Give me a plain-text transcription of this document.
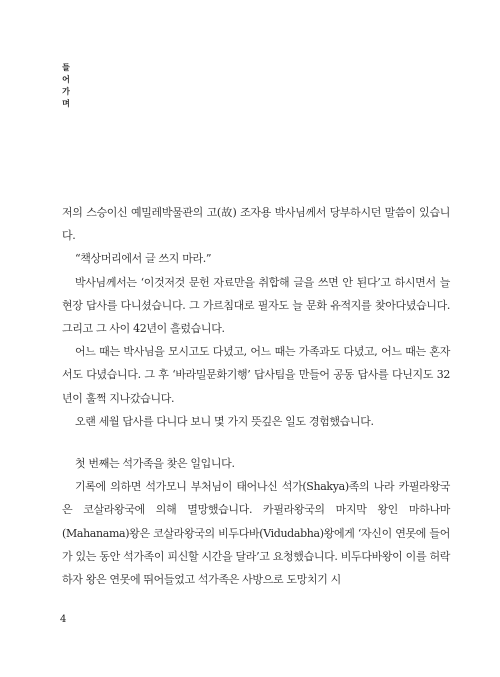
들
어
가
며

저의 스승이신 예밀레박물관의 고(故) 조자용 박사님께서 당부하시던 말씀이 있습니다.

“책상머리에서 글 쓰지 마라.”

박사님께서는 ‘이것저것 문헌 자료만을 취합해 글을 쓰면 안 된다’고 하시면서 늘 현장 답사를 다니셨습니다. 그 가르침대로 필자도 늘 문화 유적지를 찾아다녔습니다. 그리고 그 사이 42년이 흘렀습니다.

어느 때는 박사님을 모시고도 다녔고, 어느 때는 가족과도 다녔고, 어느 때는 혼자서도 다녔습니다. 그 후 ‘바라밀문화기행’ 답사팀을 만들어 공동 답사를 다닌지도 32년이 훌쩍 지나갔습니다.

오랜 세월 답사를 다니다 보니 몇 가지 뜻깊은 일도 경험했습니다.

첫 번째는 석가족을 찾은 일입니다.

기록에 의하면 석가모니 부처님이 태어나신 석가(Shakya)족의 나라 카필라왕국은 코살라왕국에 의해 멸망했습니다. 카필라왕국의 마지막 왕인 마하나마(Mahanama)왕은 코살라왕국의 비두다바(Vidudabha)왕에게 ‘자신이 연못에 들어가 있는 동안 석가족이 피신할 시간을 달라’고 요청했습니다. 비두다바왕이 이를 허락하자 왕은 연못에 뛰어들었고 석가족은 사방으로 도망치기 시

4
